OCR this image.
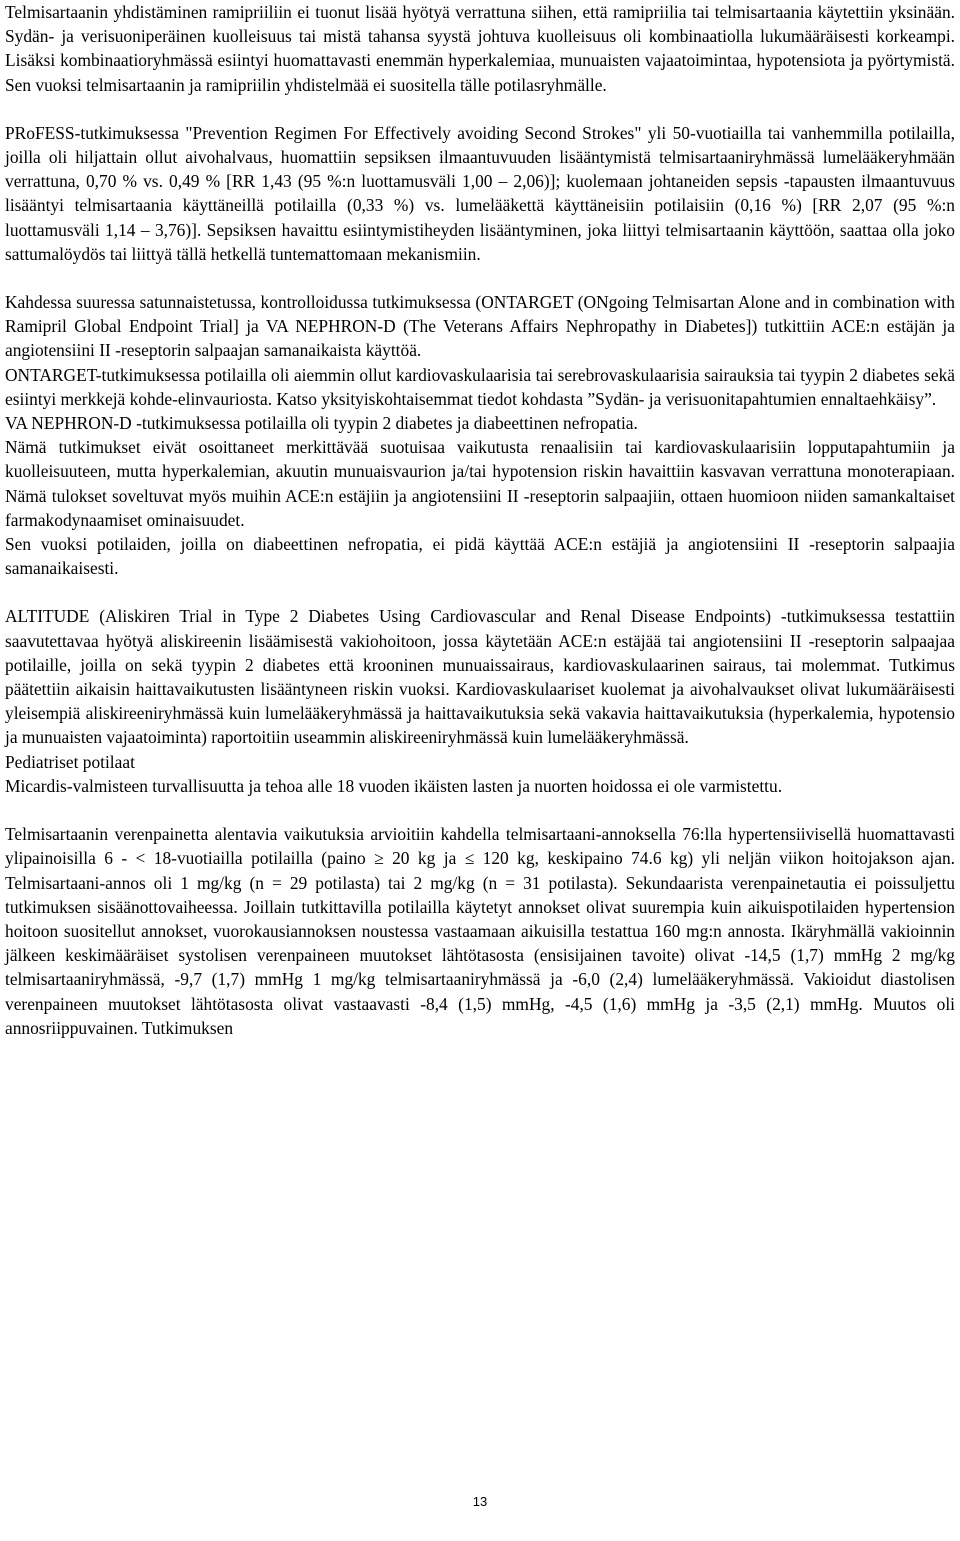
Telmisartaanin yhdistäminen ramipriiliin ei tuonut lisää hyötyä verrattuna siihen, että ramipriilia tai telmisartaania käytettiin yksinään. Sydän- ja verisuoniperäinen kuolleisuus tai mistä tahansa syystä johtuva kuolleisuus oli kombinaatiolla lukumääräisesti korkeampi. Lisäksi kombinaatioryhmässä esiintyi huomattavasti enemmän hyperkalemiaa, munuaisten vajaatoimintaa, hypotensiota ja pyörtymistä. Sen vuoksi telmisartaanin ja ramipriilin yhdistelmää ei suositella tälle potilasryhmälle.

PRoFESS-tutkimuksessa "Prevention Regimen For Effectively avoiding Second Strokes" yli 50-vuotiailla tai vanhemmilla potilailla, joilla oli hiljattain ollut aivohalvaus, huomattiin sepsiksen ilmaantuvuuden lisääntymistä telmisartaaniryhmässä lumelääkeryhmään verrattuna, 0,70 % vs. 0,49 % [RR 1,43 (95 %:n luottamusväli 1,00 – 2,06)]; kuolemaan johtaneiden sepsis -tapausten ilmaantuvuus lisääntyi telmisartaania käyttäneillä potilailla (0,33 %) vs. lumelääkettä käyttäneisiin potilaisiin (0,16 %) [RR 2,07 (95 %:n luottamusväli 1,14 – 3,76)]. Sepsiksen havaittu esiintymistiheyden lisääntyminen, joka liittyi telmisartaanin käyttöön, saattaa olla joko sattumalöydös tai liittyä tällä hetkellä tuntemattomaan mekanismiin.

Kahdessa suuressa satunnaistetussa, kontrolloidussa tutkimuksessa (ONTARGET (ONgoing Telmisartan Alone and in combination with Ramipril Global Endpoint Trial] ja VA NEPHRON-D (The Veterans Affairs Nephropathy in Diabetes]) tutkittiin ACE:n estäjän ja angiotensiini II -reseptorin salpaajan samanaikaista käyttöä.

ONTARGET-tutkimuksessa potilailla oli aiemmin ollut kardiovaskulaarisia tai serebrovaskulaarisia sairauksia tai tyypin 2 diabetes sekä esiintyi merkkejä kohde-elinvauriosta. Katso yksityiskohtaisemmat tiedot kohdasta ”Sydän- ja verisuonitapahtumien ennaltaehkäisy”.

VA NEPHRON-D -tutkimuksessa potilailla oli tyypin 2 diabetes ja diabeettinen nefropatia.

Nämä tutkimukset eivät osoittaneet merkittävää suotuisaa vaikutusta renaalisiin tai kardiovaskulaarisiin lopputapahtumiin ja kuolleisuuteen, mutta hyperkalemian, akuutin munuaisvaurion ja/tai hypotension riskin havaittiin kasvavan verrattuna monoterapiaan. Nämä tulokset soveltuvat myös muihin ACE:n estäjiin ja angiotensiini II -reseptorin salpaajiin, ottaen huomioon niiden samankaltaiset farmakodynaamiset ominaisuudet.

Sen vuoksi potilaiden, joilla on diabeettinen nefropatia, ei pidä käyttää ACE:n estäjiä ja angiotensiini II -reseptorin salpaajia samanaikaisesti.

ALTITUDE (Aliskiren Trial in Type 2 Diabetes Using Cardiovascular and Renal Disease Endpoints) -tutkimuksessa testattiin saavutettavaa hyötyä aliskireenin lisäämisestä vakiohoitoon, jossa käytetään ACE:n estäjää tai angiotensiini II -reseptorin salpaajaa potilaille, joilla on sekä tyypin 2 diabetes että krooninen munuaissairaus, kardiovaskulaarinen sairaus, tai molemmat. Tutkimus päätettiin aikaisin haittavaikutusten lisääntyneen riskin vuoksi. Kardiovaskulaariset kuolemat ja aivohalvaukset olivat lukumääräisesti yleisempiä aliskireeniryhmässä kuin lumelääkeryhmässä ja haittavaikutuksia sekä vakavia haittavaikutuksia (hyperkalemia, hypotensio ja munuaisten vajaatoiminta) raportoitiin useammin aliskireeniryhmässä kuin lumelääkeryhmässä.

Pediatriset potilaat

Micardis-valmisteen turvallisuutta ja tehoa alle 18 vuoden ikäisten lasten ja nuorten hoidossa ei ole varmistettu.

Telmisartaanin verenpainetta alentavia vaikutuksia arvioitiin kahdella telmisartaani-annoksella 76:lla hypertensiivisellä huomattavasti ylipainoisilla 6 - < 18-vuotiailla potilailla (paino ≥ 20 kg ja ≤ 120 kg, keskipaino 74.6 kg) yli neljän viikon hoitojakson ajan. Telmisartaani-annos oli 1 mg/kg (n = 29 potilasta) tai 2 mg/kg (n = 31 potilasta). Sekundaarista verenpainetautia ei poissuljettu tutkimuksen sisäänottovaiheessa. Joillain tutkittavilla potilailla käytetyt annokset olivat suurempia kuin aikuispotilaiden hypertension hoitoon suositellut annokset, vuorokausiannoksen noustessa vastaamaan aikuisilla testattua 160 mg:n annosta. Ikäryhmällä vakioinnin jälkeen keskimääräiset systolisen verenpaineen muutokset lähtötasosta (ensisijainen tavoite) olivat -14,5 (1,7) mmHg 2 mg/kg telmisartaaniryhmässä, -9,7 (1,7) mmHg 1 mg/kg telmisartaaniryhmässä ja -6,0 (2,4) lumelääkeryhmässä. Vakioidut diastolisen verenpaineen muutokset lähtötasosta olivat vastaavasti -8,4 (1,5) mmHg, -4,5 (1,6) mmHg ja -3,5 (2,1) mmHg. Muutos oli annosriippuvainen. Tutkimuksen

13
